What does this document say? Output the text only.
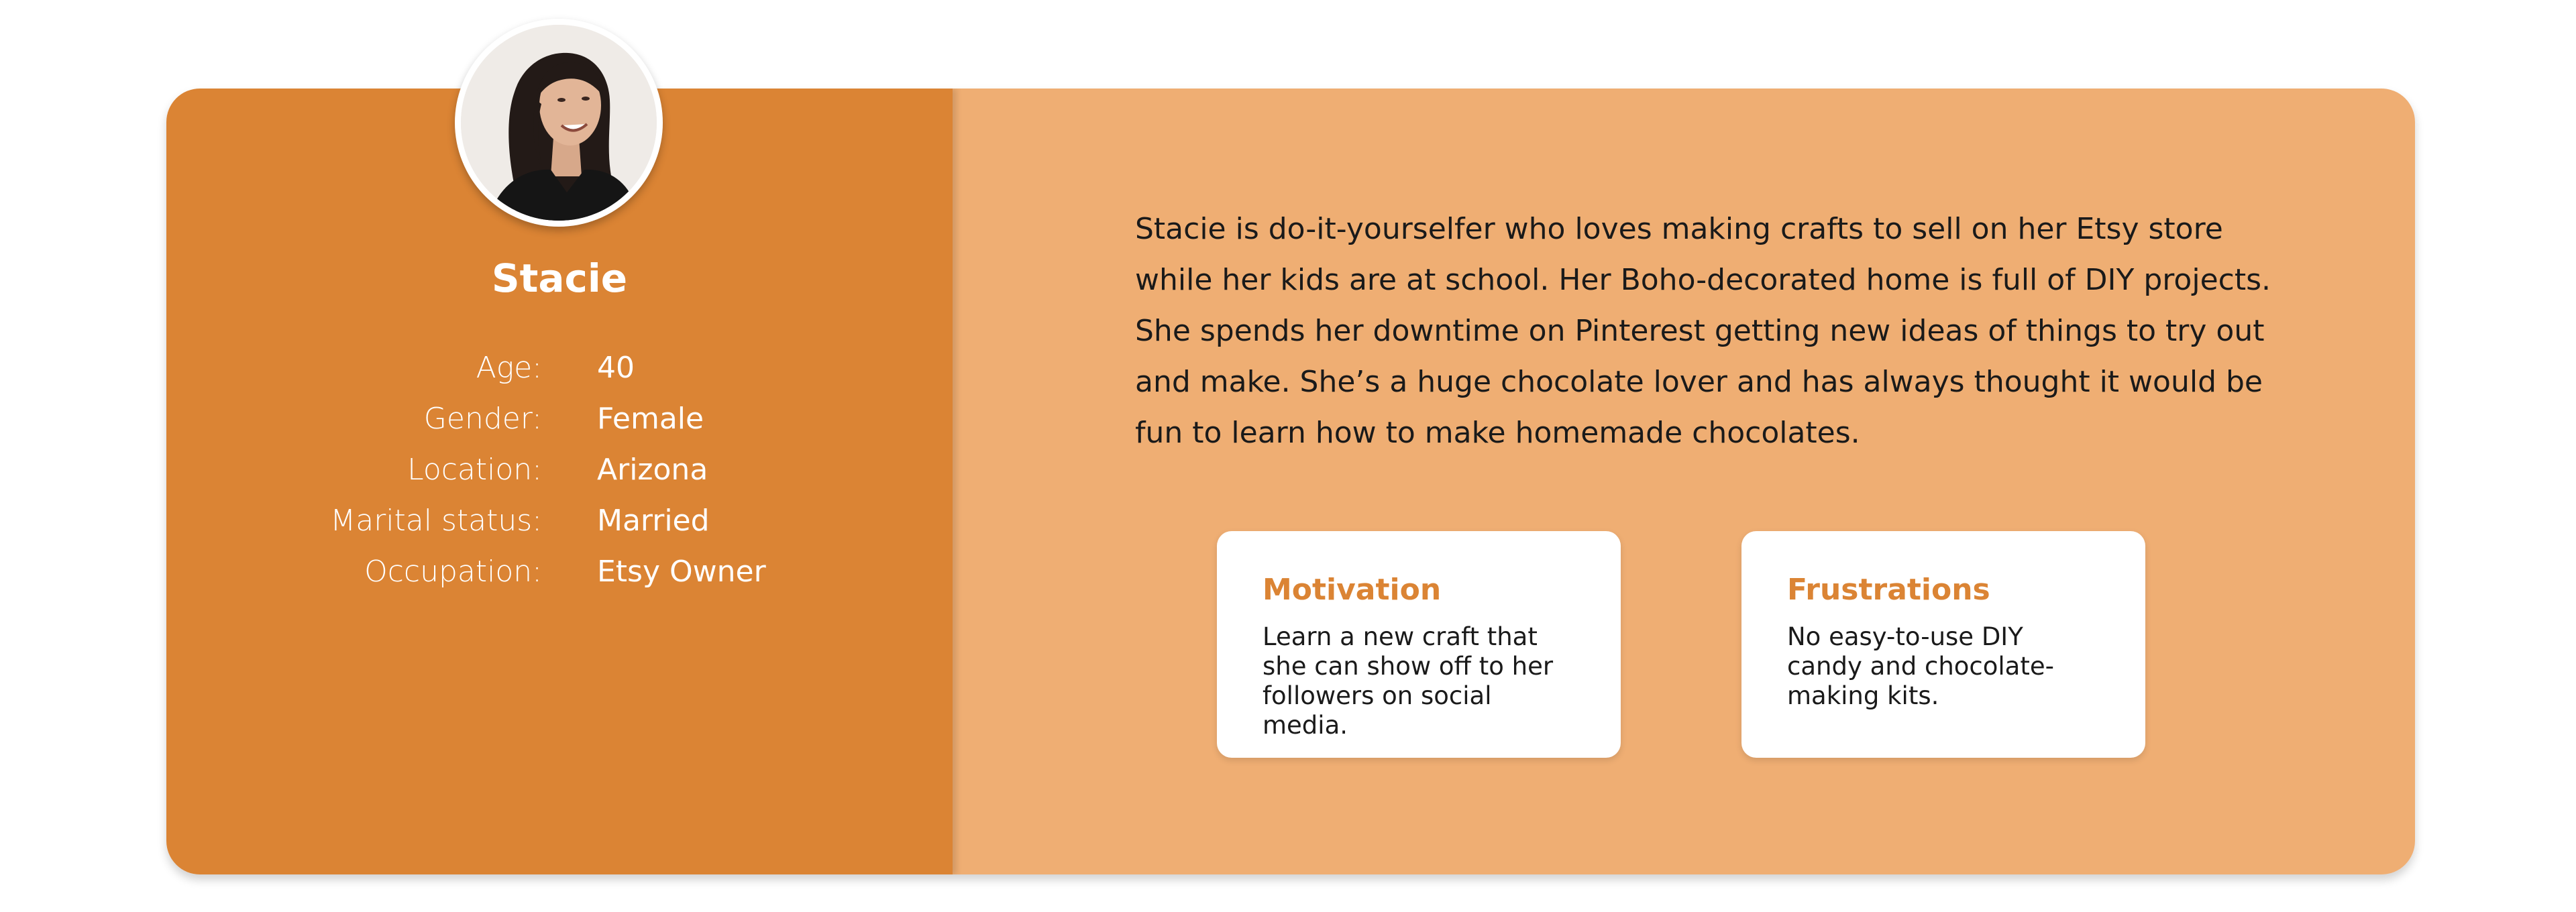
Stacie
Age: 40
Gender: Female
Location: Arizona
Marital status: Married
Occupation: Etsy Owner

Stacie is do-it-yourselfer who loves making crafts to sell on her Etsy store while her kids are at school. Her Boho-decorated home is full of DIY projects. She spends her downtime on Pinterest getting new ideas of things to try out and make. She’s a huge chocolate lover and has always thought it would be fun to learn how to make homemade chocolates.

Motivation

Learn a new craft that she can show off to her followers on social media.

Frustrations

No easy-to-use DIY candy and chocolate-making kits.
